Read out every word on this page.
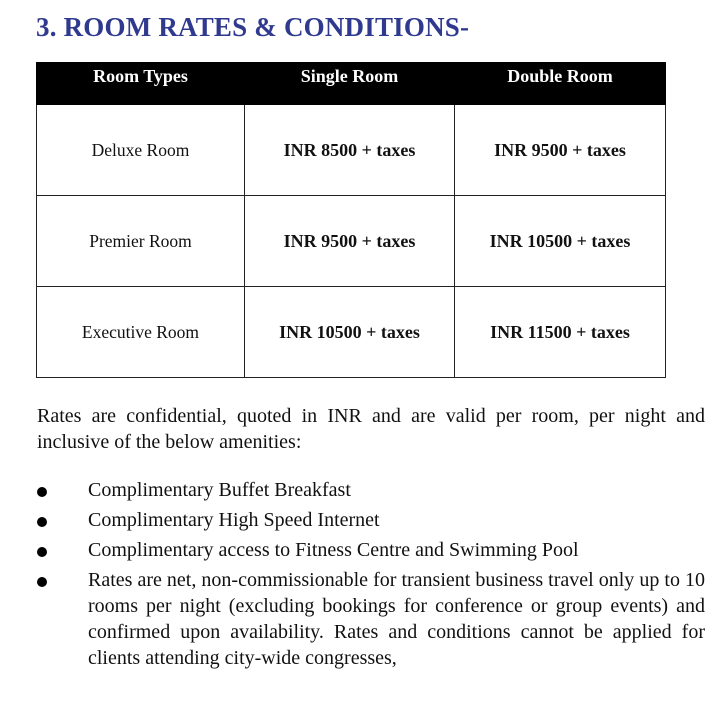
3. ROOM RATES & CONDITIONS-
Room Types	Single Room	Double Room
Deluxe Room	INR 8500 + taxes	INR 9500 + taxes
Premier Room	INR 9500 + taxes	INR 10500 + taxes
Executive Room	INR 10500 + taxes	INR 11500 + taxes

Rates are confidential, quoted in INR and are valid per room, per night and inclusive of the below amenities:

Complimentary Buffet Breakfast
Complimentary High Speed Internet
Complimentary access to Fitness Centre and Swimming Pool
Rates are net, non-commissionable for transient business travel only up to 10 rooms per night (excluding bookings for conference or group events) and confirmed upon availability. Rates and conditions cannot be applied for clients attending city-wide congresses,
